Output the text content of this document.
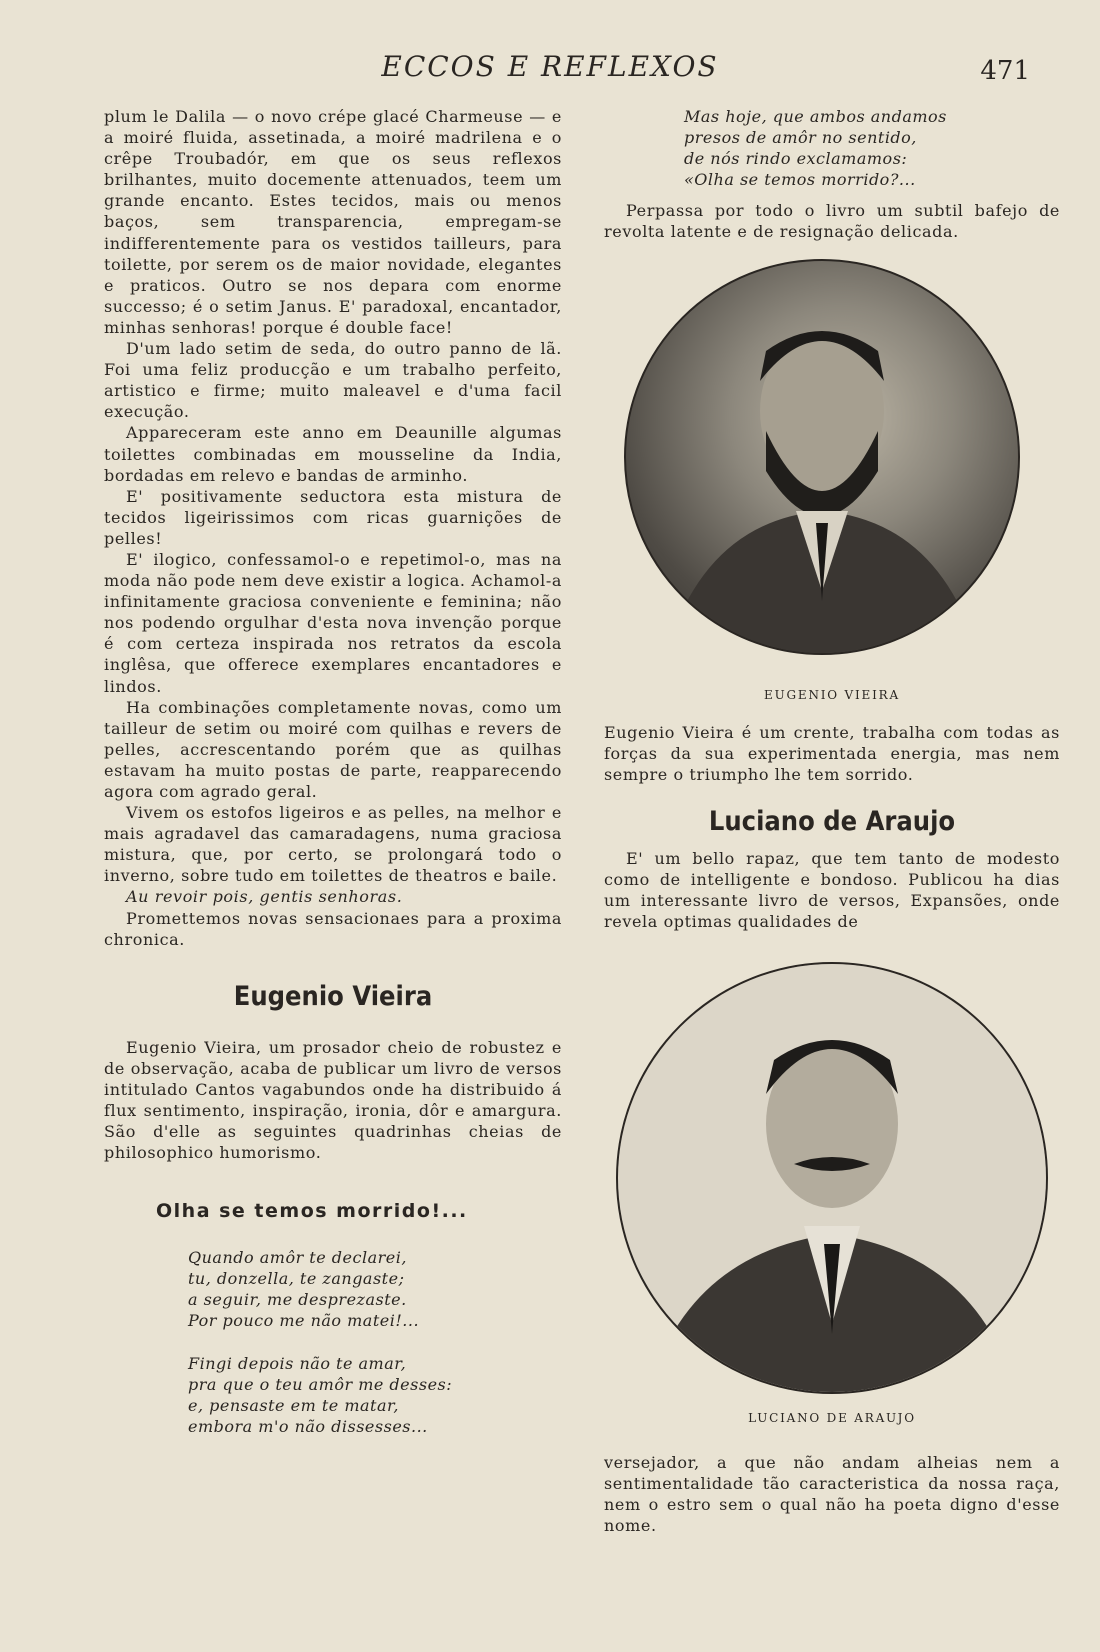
ECCOS E REFLEXOS	471

plum le Dalila — o novo crépe glacé Charmeuse — e a moiré fluida, assetinada, a moiré madrilena e o crêpe Troubadór, em que os seus reflexos brilhantes, muito docemente attenuados, teem um grande encanto. Estes tecidos, mais ou menos baços, sem transparencia, empregam-se indifferentemente para os vestidos tailleurs, para toilette, por serem os de maior novidade, elegantes e praticos. Outro se nos depara com enorme successo; é o setim Janus. E' paradoxal, encantador, minhas senhoras! porque é double face!

D'um lado setim de seda, do outro panno de lã. Foi uma feliz producção e um trabalho perfeito, artistico e firme; muito maleavel e d'uma facil execução.

Appareceram este anno em Deaunille algumas toilettes combinadas em mousseline da India, bordadas em relevo e bandas de arminho.

E' positivamente seductora esta mistura de tecidos ligeirissimos com ricas guarnições de pelles!

E' ilogico, confessamol-o e repetimol-o, mas na moda não pode nem deve existir a logica. Achamol-a infinitamente graciosa conveniente e feminina; não nos podendo orgulhar d'esta nova invenção porque é com certeza inspirada nos retratos da escola inglêsa, que offerece exemplares encantadores e lindos.

Ha combinações completamente novas, como um tailleur de setim ou moiré com quilhas e revers de pelles, accrescentando porém que as quilhas estavam ha muito postas de parte, reapparecendo agora com agrado geral.

Vivem os estofos ligeiros e as pelles, na melhor e mais agradavel das camaradagens, numa graciosa mistura, que, por certo, se prolongará todo o inverno, sobre tudo em toilettes de theatros e baile.

Au revoir pois, gentis senhoras.

Promettemos novas sensacionaes para a proxima chronica.

Eugenio Vieira

Eugenio Vieira, um prosador cheio de robustez e de observação, acaba de publicar um livro de versos intitulado Cantos vagabundos onde ha distribuido á flux sentimento, inspiração, ironia, dôr e amargura. São d'elle as seguintes quadrinhas cheias de philosophico humorismo.

Olha se temos morrido!...
Quando amôr te declarei,
tu, donzella, te zangaste;
a seguir, me desprezaste.
Por pouco me não matei!...
Fingi depois não te amar,
pra que o teu amôr me desses:
e, pensaste em te matar,
embora m'o não dissesses...
Mas hoje, que ambos andamos
presos de amôr no sentido,
de nós rindo exclamamos:
«Olha se temos morrido?...

Perpassa por todo o livro um subtil bafejo de revolta latente e de resignação delicada.

EUGENIO VIEIRA

Eugenio Vieira é um crente, trabalha com todas as forças da sua experimentada energia, mas nem sempre o triumpho lhe tem sorrido.

Luciano de Araujo

E' um bello rapaz, que tem tanto de modesto como de intelligente e bondoso. Publicou ha dias um interessante livro de versos, Expansões, onde revela optimas qualidades de

LUCIANO DE ARAUJO

versejador, a que não andam alheias nem a sentimentalidade tão caracteristica da nossa raça, nem o estro sem o qual não ha poeta digno d'esse nome.
